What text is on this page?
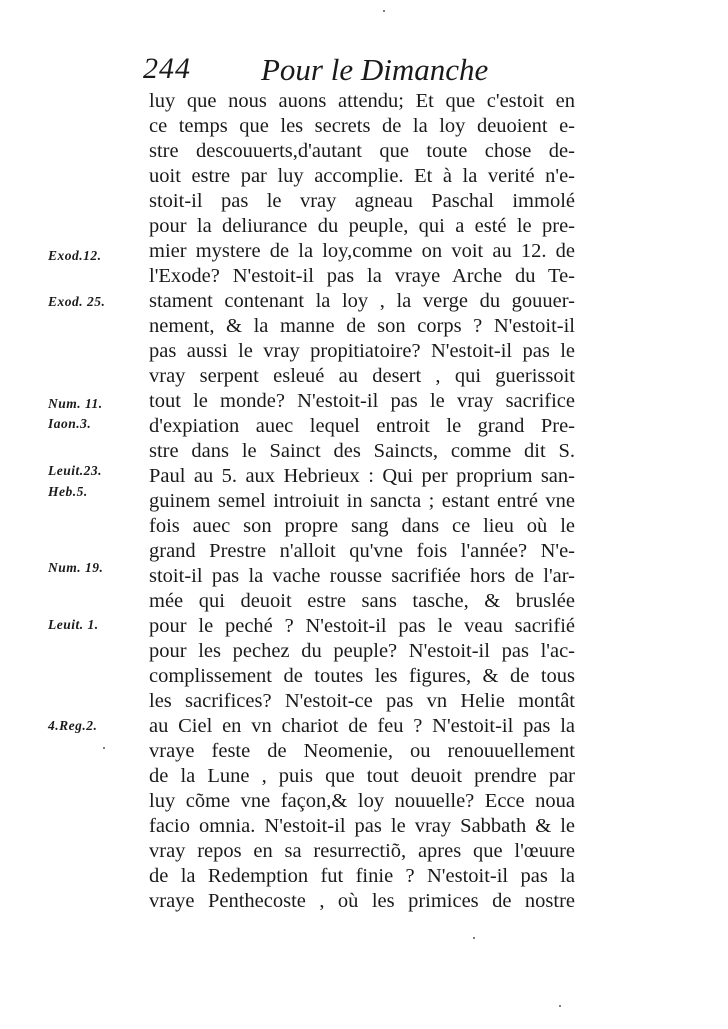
244 Pour le Dimanche
Exod.12.
Exod. 25.
Num. 11.
Iaon.3.
Leuit.23.
Heb.5.
Num. 19.
Leuit. 1.
4.Reg.2.
luy que nous auons attendu; Et que c'estoit en
ce temps que les secrets de la loy deuoient e-
stre descouuerts,d'autant que toute chose de-
uoit estre par luy accomplie. Et à la verité n'e-
stoit-il pas le vray agneau Paschal immolé
pour la deliurance du peuple, qui a esté le pre-
mier mystere de la loy,comme on voit au 12. de
l'Exode? N'estoit-il pas la vraye Arche du Te-
stament contenant la loy , la verge du gouuer-
nement, & la manne de son corps ? N'estoit-il
pas aussi le vray propitiatoire? N'estoit-il pas le
vray serpent esleué au desert , qui guerissoit
tout le monde? N'estoit-il pas le vray sacrifice
d'expiation auec lequel entroit le grand Pre-
stre dans le Sainct des Saincts, comme dit S.
Paul au 5. aux Hebrieux : Qui per proprium san-
guinem semel introiuit in sancta ; estant entré vne
fois auec son propre sang dans ce lieu où le
grand Prestre n'alloit qu'vne fois l'année? N'e-
stoit-il pas la vache rousse sacrifiée hors de l'ar-
mée qui deuoit estre sans tasche, & bruslée
pour le peché ? N'estoit-il pas le veau sacrifié
pour les pechez du peuple? N'estoit-il pas l'ac-
complissement de toutes les figures, & de tous
les sacrifices? N'estoit-ce pas vn Helie montât
au Ciel en vn chariot de feu ? N'estoit-il pas la
vraye feste de Neomenie, ou renouuellement
de la Lune , puis que tout deuoit prendre par
luy cõme vne façon,& loy nouuelle? Ecce noua
facio omnia. N'estoit-il pas le vray Sabbath & le
vray repos en sa resurrectiõ, apres que l'œuure
de la Redemption fut finie ? N'estoit-il pas la
vraye Penthecoste , où les primices de nostre
